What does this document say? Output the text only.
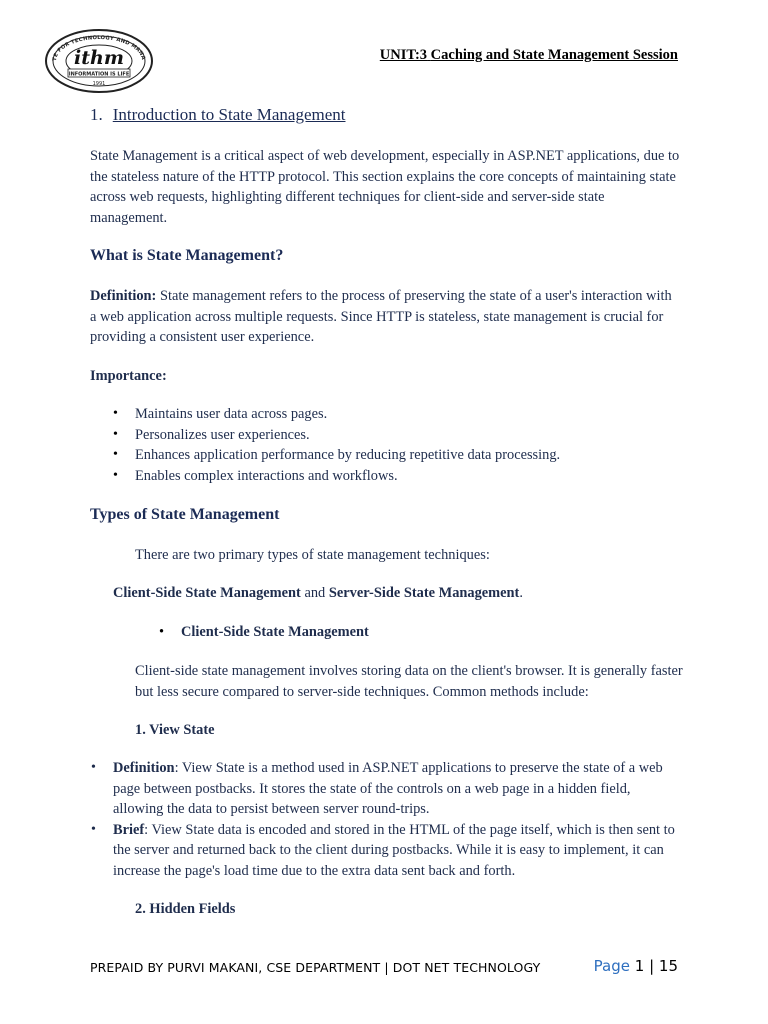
TE FOR TECHNOLOGY AND MANA
ithm
INFORMATION IS LIFE
1991
UNIT:3 Caching and State Management Session
1. Introduction to State Management

State Management is a critical aspect of web development, especially in ASP.NET applications, due to the stateless nature of the HTTP protocol. This section explains the core concepts of maintaining state across web requests, highlighting different techniques for client-side and server-side state management.

What is State Management?

Definition: State management refers to the process of preserving the state of a user's interaction with a web application across multiple requests. Since HTTP is stateless, state management is crucial for providing a consistent user experience.

Importance:
• Maintains user data across pages.
• Personalizes user experiences.
• Enhances application performance by reducing repetitive data processing.
• Enables complex interactions and workflows.
Types of State Management

There are two primary types of state management techniques:

Client-Side State Management and Server-Side State Management.

• Client-Side State Management

Client-side state management involves storing data on the client's browser. It is generally faster but less secure compared to server-side techniques. Common methods include:

1. View State
• Definition: View State is a method used in ASP.NET applications to preserve the state of a web page between postbacks. It stores the state of the controls on a web page in a hidden field, allowing the data to persist between server round-trips.
• Brief: View State data is encoded and stored in the HTML of the page itself, which is then sent to the server and returned back to the client during postbacks. While it is easy to implement, it can increase the page's load time due to the extra data sent back and forth.
2. Hidden Fields
PREPAID BY PURVI MAKANI, CSE DEPARTMENT | DOT NET TECHNOLOGY	Page 1 | 15
